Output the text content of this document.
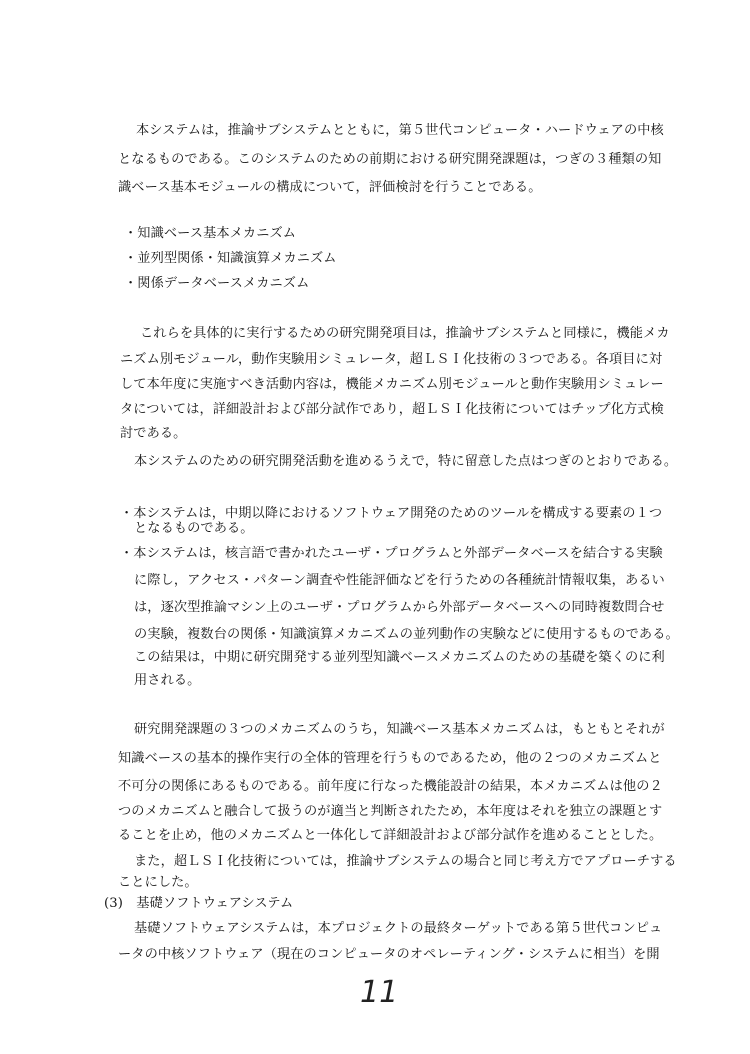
本システムは，推論サブシステムとともに，第５世代コンピュータ・ハードウェアの中核
となるものである。このシステムのための前期における研究開発課題は，つぎの３種類の知
識ベース基本モジュールの構成について，評価検討を行うことである。
・知識ベース基本メカニズム
・並列型関係・知識演算メカニズム
・関係データベースメカニズム
これらを具体的に実行するための研究開発項目は，推論サブシステムと同様に，機能メカ
ニズム別モジュール，動作実験用シミュレータ，超ＬＳＩ化技術の３つである。各項目に対
して本年度に実施すべき活動内容は，機能メカニズム別モジュールと動作実験用シミュレー
タについては，詳細設計および部分試作であり，超ＬＳＩ化技術についてはチップ化方式検
討である。
本システムのための研究開発活動を進めるうえで，特に留意した点はつぎのとおりである。
・本システムは，中期以降におけるソフトウェア開発のためのツールを構成する要素の１つ
となるものである。
・本システムは，核言語で書かれたユーザ・プログラムと外部データベースを結合する実験
に際し，アクセス・パターン調査や性能評価などを行うための各種統計情報収集，あるい
は，逐次型推論マシン上のユーザ・プログラムから外部データベースへの同時複数問合せ
の実験，複数台の関係・知識演算メカニズムの並列動作の実験などに使用するものである。
この結果は，中期に研究開発する並列型知識ベースメカニズムのための基礎を築くのに利
用される。
研究開発課題の３つのメカニズムのうち，知識ベース基本メカニズムは，もともとそれが
知識ベースの基本的操作実行の全体的管理を行うものであるため，他の２つのメカニズムと
不可分の関係にあるものである。前年度に行なった機能設計の結果，本メカニズムは他の２
つのメカニズムと融合して扱うのが適当と判断されたため，本年度はそれを独立の課題とす
ることを止め，他のメカニズムと一体化して詳細設計および部分試作を進めることとした。
また，超ＬＳＩ化技術については，推論サブシステムの場合と同じ考え方でアプローチする
ことにした。
(3)　基礎ソフトウェアシステム
基礎ソフトウェアシステムは，本プロジェクトの最終ターゲットである第５世代コンピュ
ータの中核ソフトウェア（現在のコンピュータのオペレーティング・システムに相当）を開
11
